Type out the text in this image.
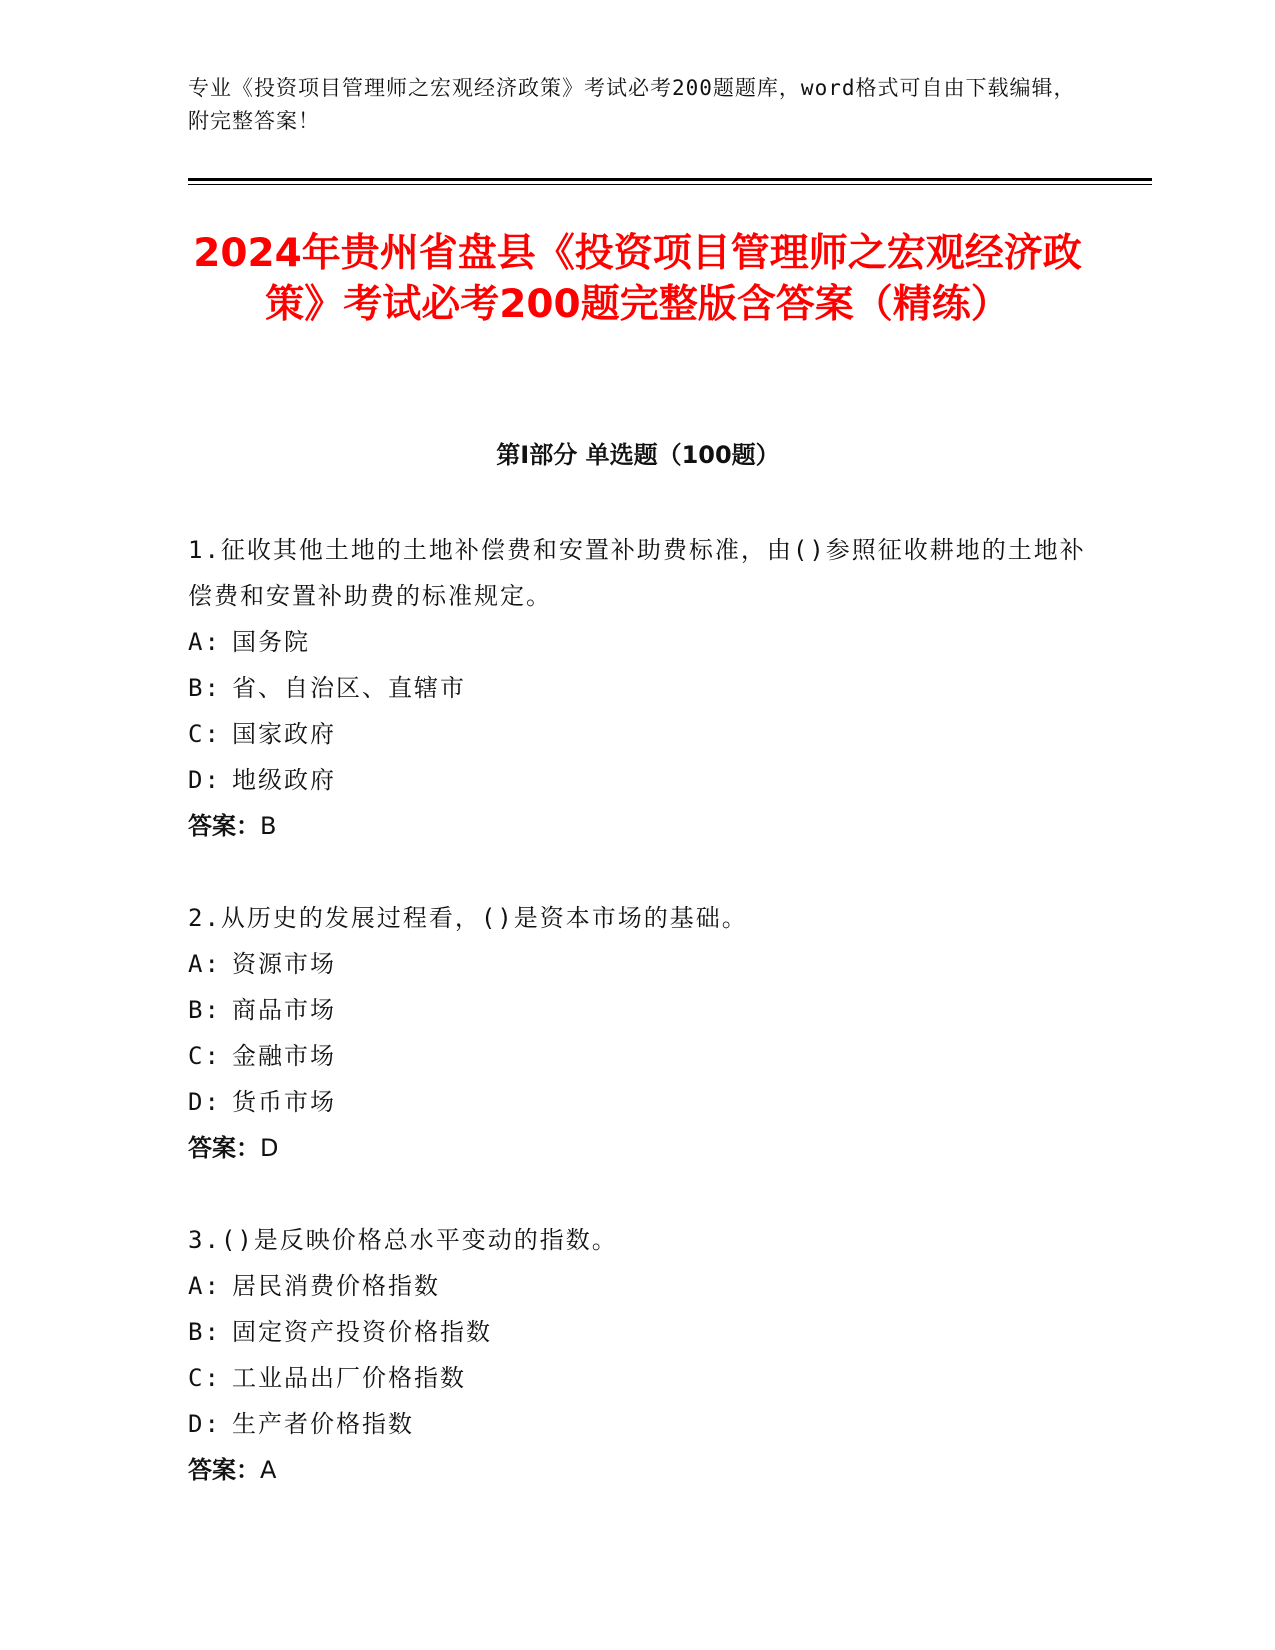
专业《投资项目管理师之宏观经济政策》考试必考200题题库，word格式可自由下载编辑，附完整答案！
2024年贵州省盘县《投资项目管理师之宏观经济政策》考试必考200题完整版含答案（精练）
第Ⅰ部分 单选题（100题）

1.征收其他土地的土地补偿费和安置补助费标准，由()参照征收耕地的土地补偿费和安置补助费的标准规定。

A: 国务院
B: 省、自治区、直辖市
C: 国家政府
D: 地级政府
答案：B

2.从历史的发展过程看，()是资本市场的基础。

A: 资源市场
B: 商品市场
C: 金融市场
D: 货币市场
答案：D

3.()是反映价格总水平变动的指数。

A: 居民消费价格指数
B: 固定资产投资价格指数
C: 工业品出厂价格指数
D: 生产者价格指数
答案：A
